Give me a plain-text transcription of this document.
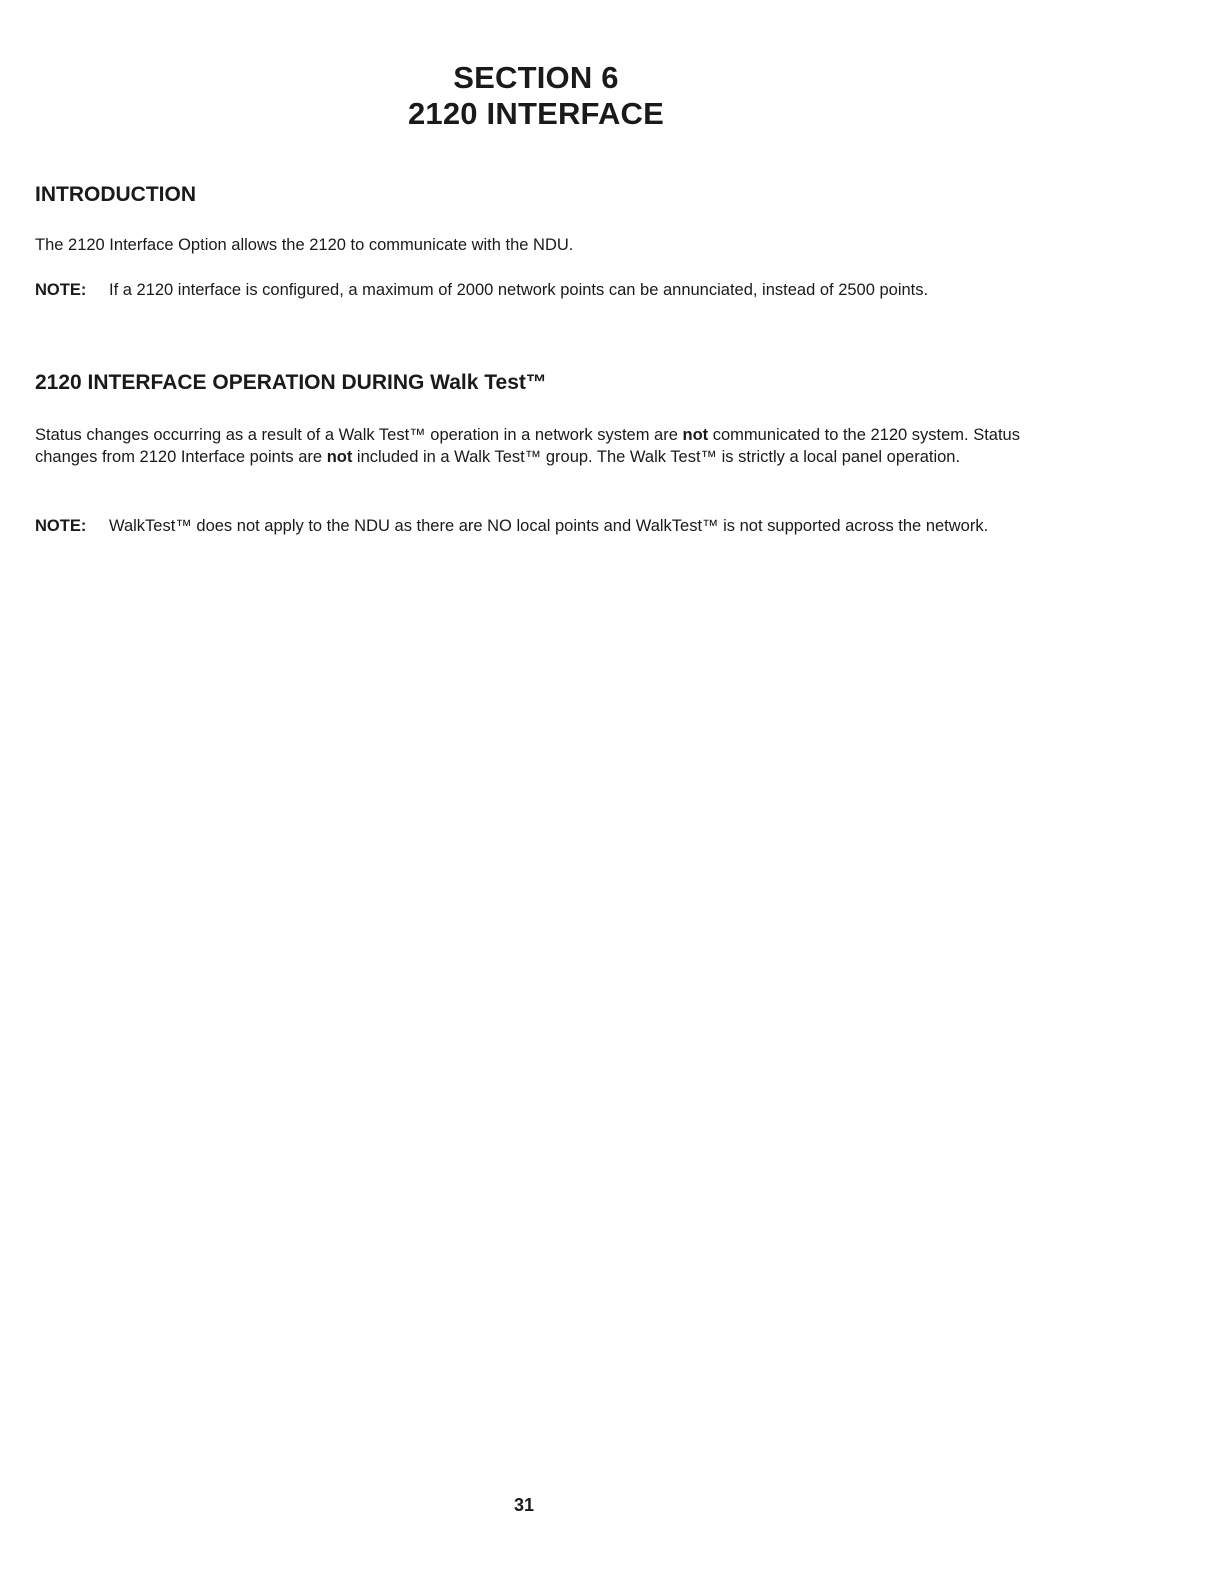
SECTION 6
2120 INTERFACE
INTRODUCTION

The 2120 Interface Option allows the 2120 to communicate with the NDU.

NOTE:	If a 2120 interface is configured, a maximum of 2000 network points can be annunciated, instead of 2500 points.
2120 INTERFACE OPERATION DURING Walk Test™

Status changes occurring as a result of a Walk Test™ operation in a network system are not communicated to the 2120 system. Status changes from 2120 Interface points are not included in a Walk Test™ group. The Walk Test™ is strictly a local panel operation.

NOTE:	WalkTest™ does not apply to the NDU as there are NO local points and WalkTest™ is not supported across the network.
31
